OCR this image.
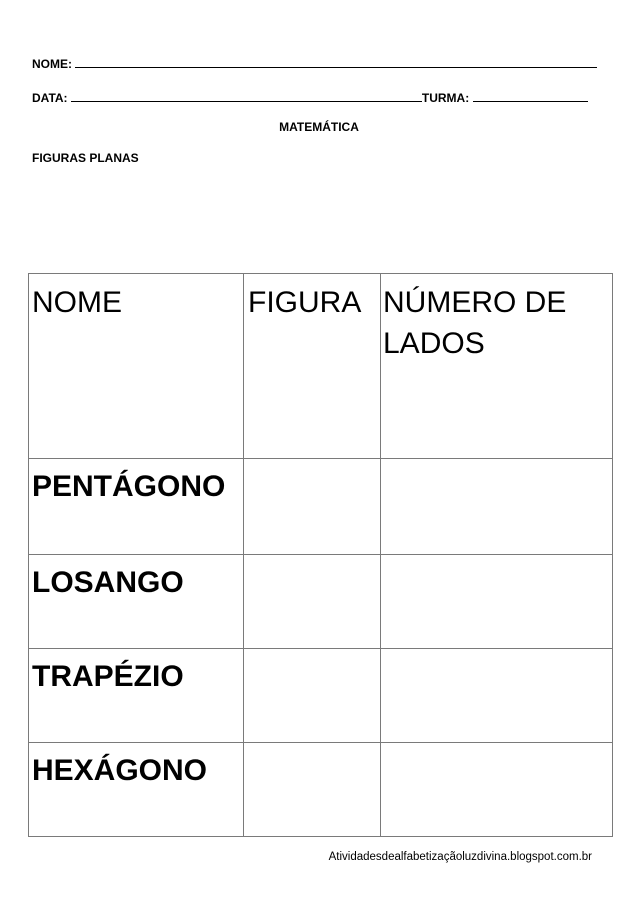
NOME:
DATA:	TURMA:
MATEMÁTICA
FIGURAS PLANAS
NOME	FIGURA	NÚMERO DE LADOS
PENTÁGONO		
LOSANGO		
TRAPÉZIO		
HEXÁGONO		
Atividadesdealfabetizaçãoluzdivina.blogspot.com.br
